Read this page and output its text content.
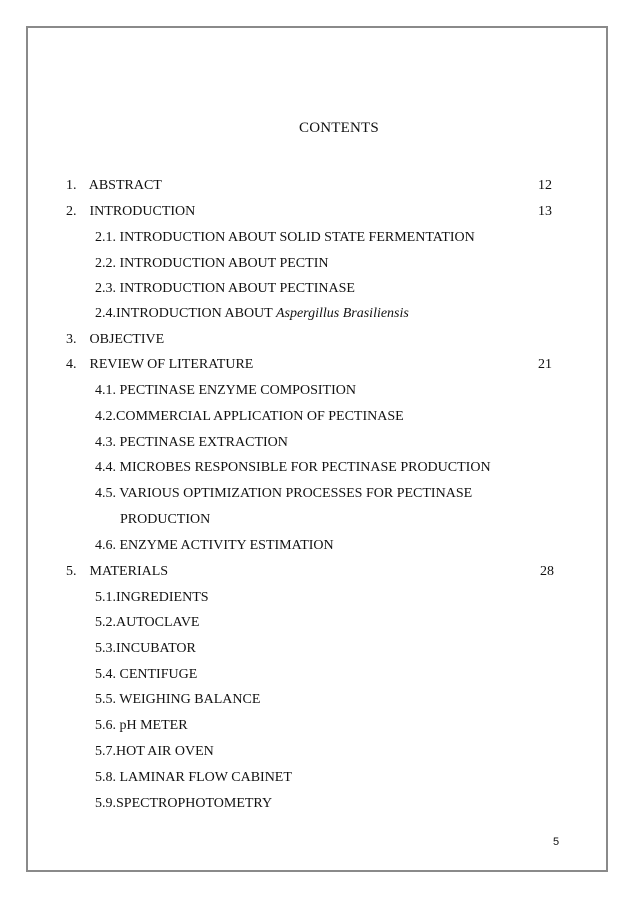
CONTENTS
1. ABSTRACT	12
2. INTRODUCTION	13
2.1. INTRODUCTION ABOUT SOLID STATE FERMENTATION
2.2. INTRODUCTION ABOUT PECTIN
2.3. INTRODUCTION ABOUT PECTINASE
2.4.INTRODUCTION ABOUT Aspergillus Brasiliensis
3. OBJECTIVE
4. REVIEW OF LITERATURE	21
4.1. PECTINASE ENZYME COMPOSITION
4.2.COMMERCIAL APPLICATION OF PECTINASE
4.3. PECTINASE EXTRACTION
4.4. MICROBES RESPONSIBLE FOR PECTINASE PRODUCTION
4.5. VARIOUS OPTIMIZATION PROCESSES FOR PECTINASE
PRODUCTION
4.6. ENZYME ACTIVITY ESTIMATION
5. MATERIALS	28
5.1.INGREDIENTS
5.2.AUTOCLAVE
5.3.INCUBATOR
5.4. CENTIFUGE
5.5. WEIGHING BALANCE
5.6. pH METER
5.7.HOT AIR OVEN
5.8. LAMINAR FLOW CABINET
5.9.SPECTROPHOTOMETRY
5
